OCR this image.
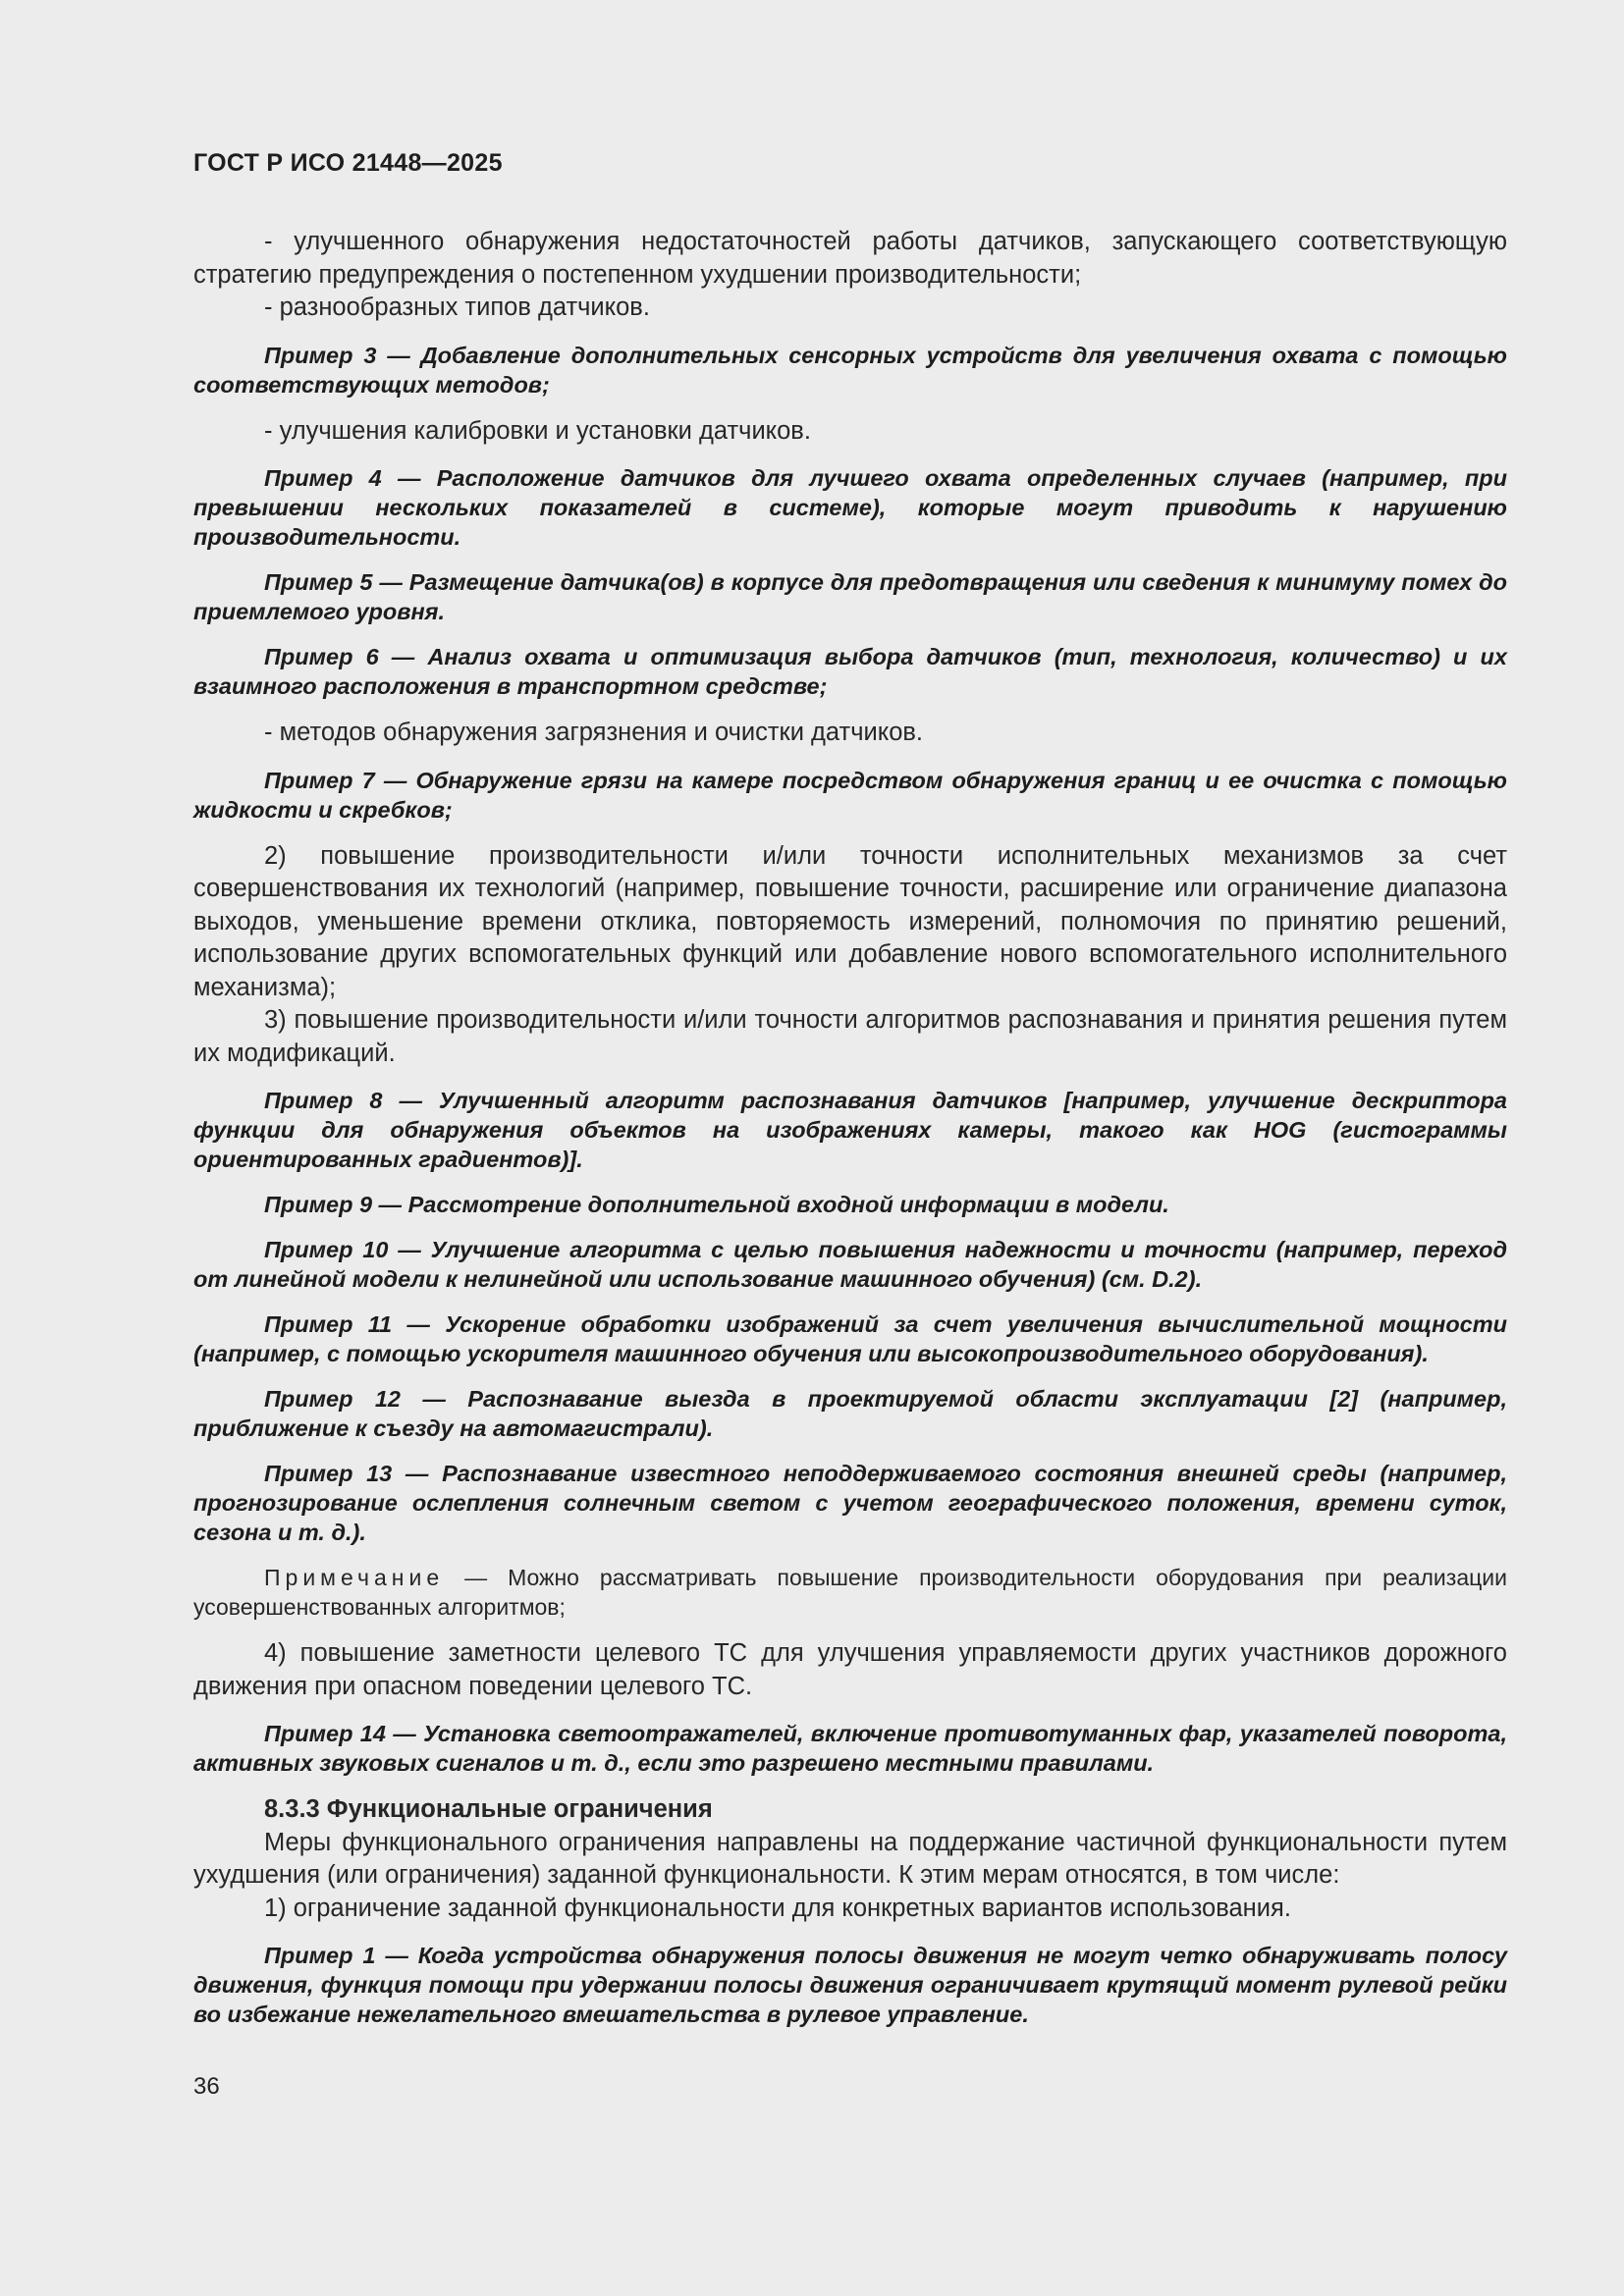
ГОСТ Р ИСО 21448—2025

- улучшенного обнаружения недостаточностей работы датчиков, запускающего соответствующую стратегию предупреждения о постепенном ухудшении производительности;

- разнообразных типов датчиков.

Пример 3 — Добавление дополнительных сенсорных устройств для увеличения охвата с помощью соответствующих методов;

- улучшения калибровки и установки датчиков.

Пример 4 — Расположение датчиков для лучшего охвата определенных случаев (например, при превышении нескольких показателей в системе), которые могут приводить к нарушению производительности.

Пример 5 — Размещение датчика(ов) в корпусе для предотвращения или сведения к минимуму помех до приемлемого уровня.

Пример 6 — Анализ охвата и оптимизация выбора датчиков (тип, технология, количество) и их взаимного расположения в транспортном средстве;

- методов обнаружения загрязнения и очистки датчиков.

Пример 7 — Обнаружение грязи на камере посредством обнаружения границ и ее очистка с помощью жидкости и скребков;

2) повышение производительности и/или точности исполнительных механизмов за счет совершенствования их технологий (например, повышение точности, расширение или ограничение диапазона выходов, уменьшение времени отклика, повторяемость измерений, полномочия по принятию решений, использование других вспомогательных функций или добавление нового вспомогательного исполнительного механизма);

3) повышение производительности и/или точности алгоритмов распознавания и принятия решения путем их модификаций.

Пример 8 — Улучшенный алгоритм распознавания датчиков [например, улучшение дескриптора функции для обнаружения объектов на изображениях камеры, такого как HOG (гистограммы ориентированных градиентов)].

Пример 9 — Рассмотрение дополнительной входной информации в модели.

Пример 10 — Улучшение алгоритма с целью повышения надежности и точности (например, переход от линейной модели к нелинейной или использование машинного обучения) (см. D.2).

Пример 11 — Ускорение обработки изображений за счет увеличения вычислительной мощности (например, с помощью ускорителя машинного обучения или высокопроизводительного оборудования).

Пример 12 — Распознавание выезда в проектируемой области эксплуатации [2] (например, приближение к съезду на автомагистрали).

Пример 13 — Распознавание известного неподдерживаемого состояния внешней среды (например, прогнозирование ослепления солнечным светом с учетом географического положения, времени суток, сезона и т. д.).

Примечание — Можно рассматривать повышение производительности оборудования при реализации усовершенствованных алгоритмов;

4) повышение заметности целевого ТС для улучшения управляемости других участников дорожного движения при опасном поведении целевого ТС.

Пример 14 — Установка светоотражателей, включение противотуманных фар, указателей поворота, активных звуковых сигналов и т. д., если это разрешено местными правилами.

8.3.3 Функциональные ограничения

Меры функционального ограничения направлены на поддержание частичной функциональности путем ухудшения (или ограничения) заданной функциональности. К этим мерам относятся, в том числе:

1) ограничение заданной функциональности для конкретных вариантов использования.

Пример 1 — Когда устройства обнаружения полосы движения не могут четко обнаруживать полосу движения, функция помощи при удержании полосы движения ограничивает крутящий момент рулевой рейки во избежание нежелательного вмешательства в рулевое управление.

36
